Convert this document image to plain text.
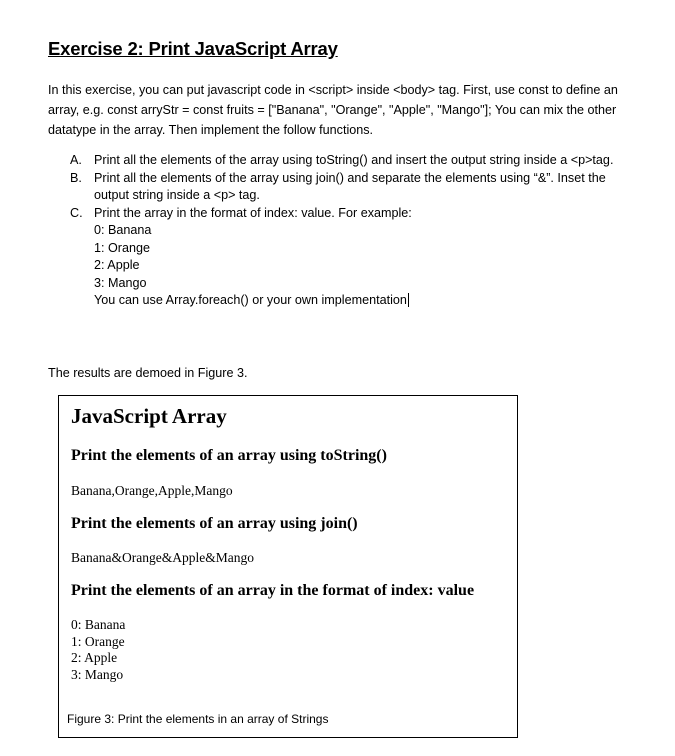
Exercise 2: Print JavaScript Array
In this exercise, you can put javascript code in <script> inside <body> tag. First, use const to define an array, e.g. const arryStr = const fruits = ["Banana", "Orange", "Apple", "Mango"]; You can mix the other datatype in the array. Then implement the follow functions.
A. Print all the elements of the array using toString() and insert the output string inside a <p>tag.
B. Print all the elements of the array using join() and separate the elements using “&”. Inset the output string inside a <p> tag.
C. Print the array in the format of index: value. For example:
0: Banana
1: Orange
2: Apple
3: Mango
You can use Array.foreach() or your own implementation
The results are demoed in Figure 3.
JavaScript Array
Print the elements of an array using toString()
Banana,Orange,Apple,Mango
Print the elements of an array using join()
Banana&Orange&Apple&Mango
Print the elements of an array in the format of index: value
0: Banana
1: Orange
2: Apple
3: Mango
Figure 3: Print the elements in an array of Strings
